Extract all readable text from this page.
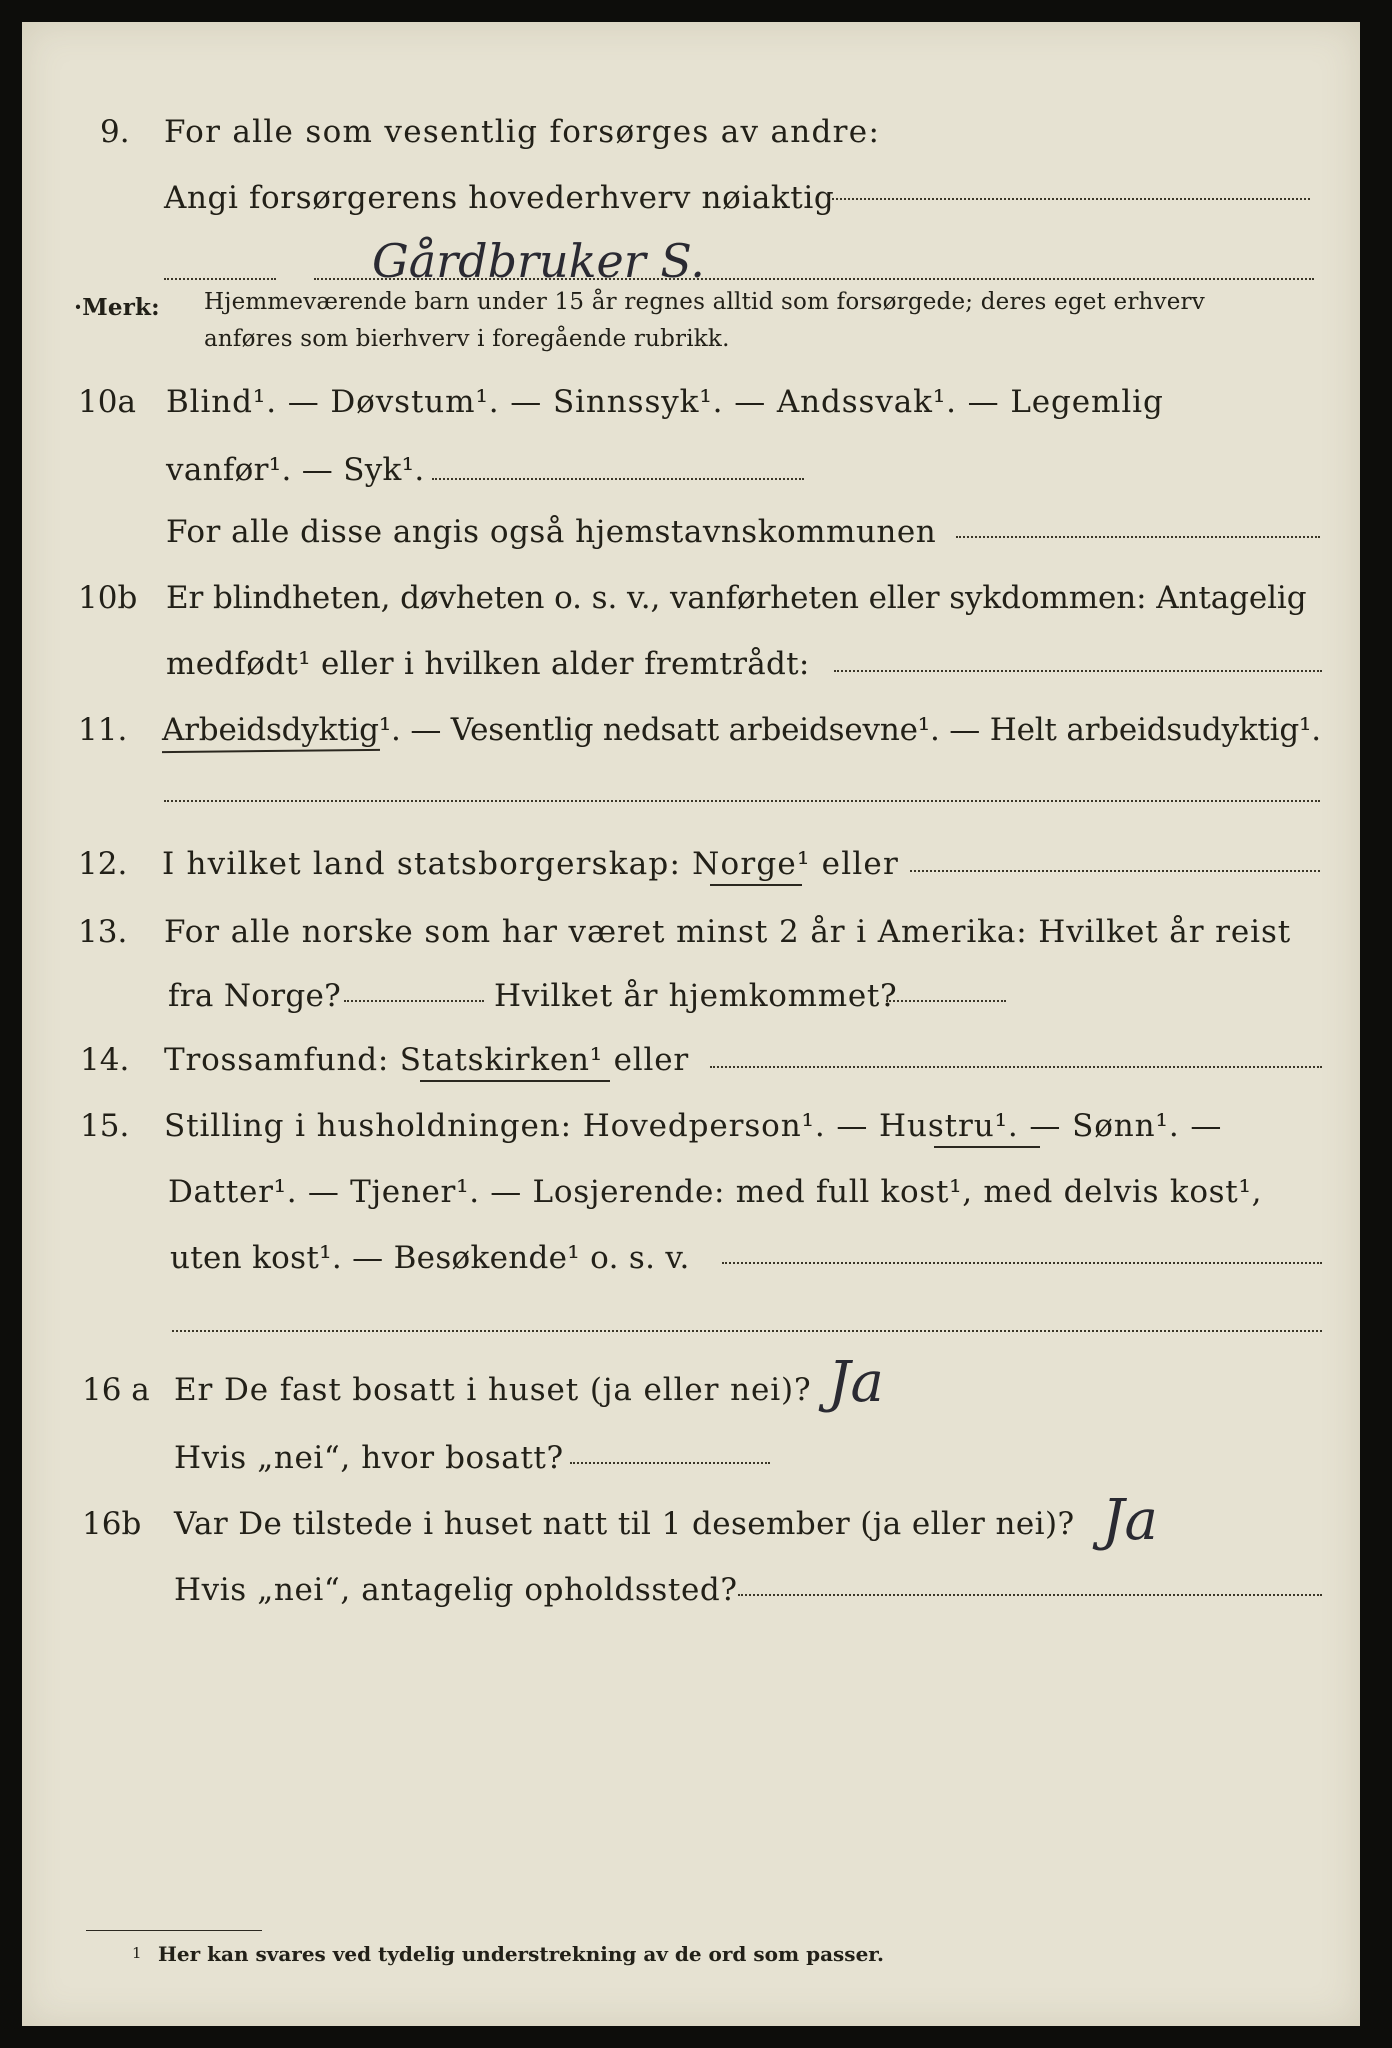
9. For alle som vesentlig forsørges av andre:
Angi forsørgerens hovederhverv nøiaktig
Gårdbruker S.
·Merk: Hjemmeværende barn under 15 år regnes alltid som forsørgede; deres eget erhverv
anføres som bierhverv i foregående rubrikk.
10a Blind¹. — Døvstum¹. — Sinnssyk¹. — Andssvak¹. — Legemlig
vanfør¹. — Syk¹.
For alle disse angis også hjemstavnskommunen
10b Er blindheten, døvheten o. s. v., vanførheten eller sykdommen: Antagelig
medfødt¹ eller i hvilken alder fremtrådt:
11. Arbeidsdyktig¹. — Vesentlig nedsatt arbeidsevne¹. — Helt arbeidsudyktig¹.
12. I hvilket land statsborgerskap: Norge¹ eller
13. For alle norske som har været minst 2 år i Amerika: Hvilket år reist
fra Norge?	Hvilket år hjemkommet?
14. Trossamfund: Statskirken¹ eller
15. Stilling i husholdningen: Hovedperson¹. — Hustru¹. — Sønn¹. —
Datter¹. — Tjener¹. — Losjerende: med full kost¹, med delvis kost¹,
uten kost¹. — Besøkende¹ o. s. v.
16 a Er De fast bosatt i huset (ja eller nei)? Ja
Hvis „nei“, hvor bosatt?
16b Var De tilstede i huset natt til 1 desember (ja eller nei)? Ja
Hvis „nei“, antagelig opholdssted?
1 Her kan svares ved tydelig understrekning av de ord som passer.
